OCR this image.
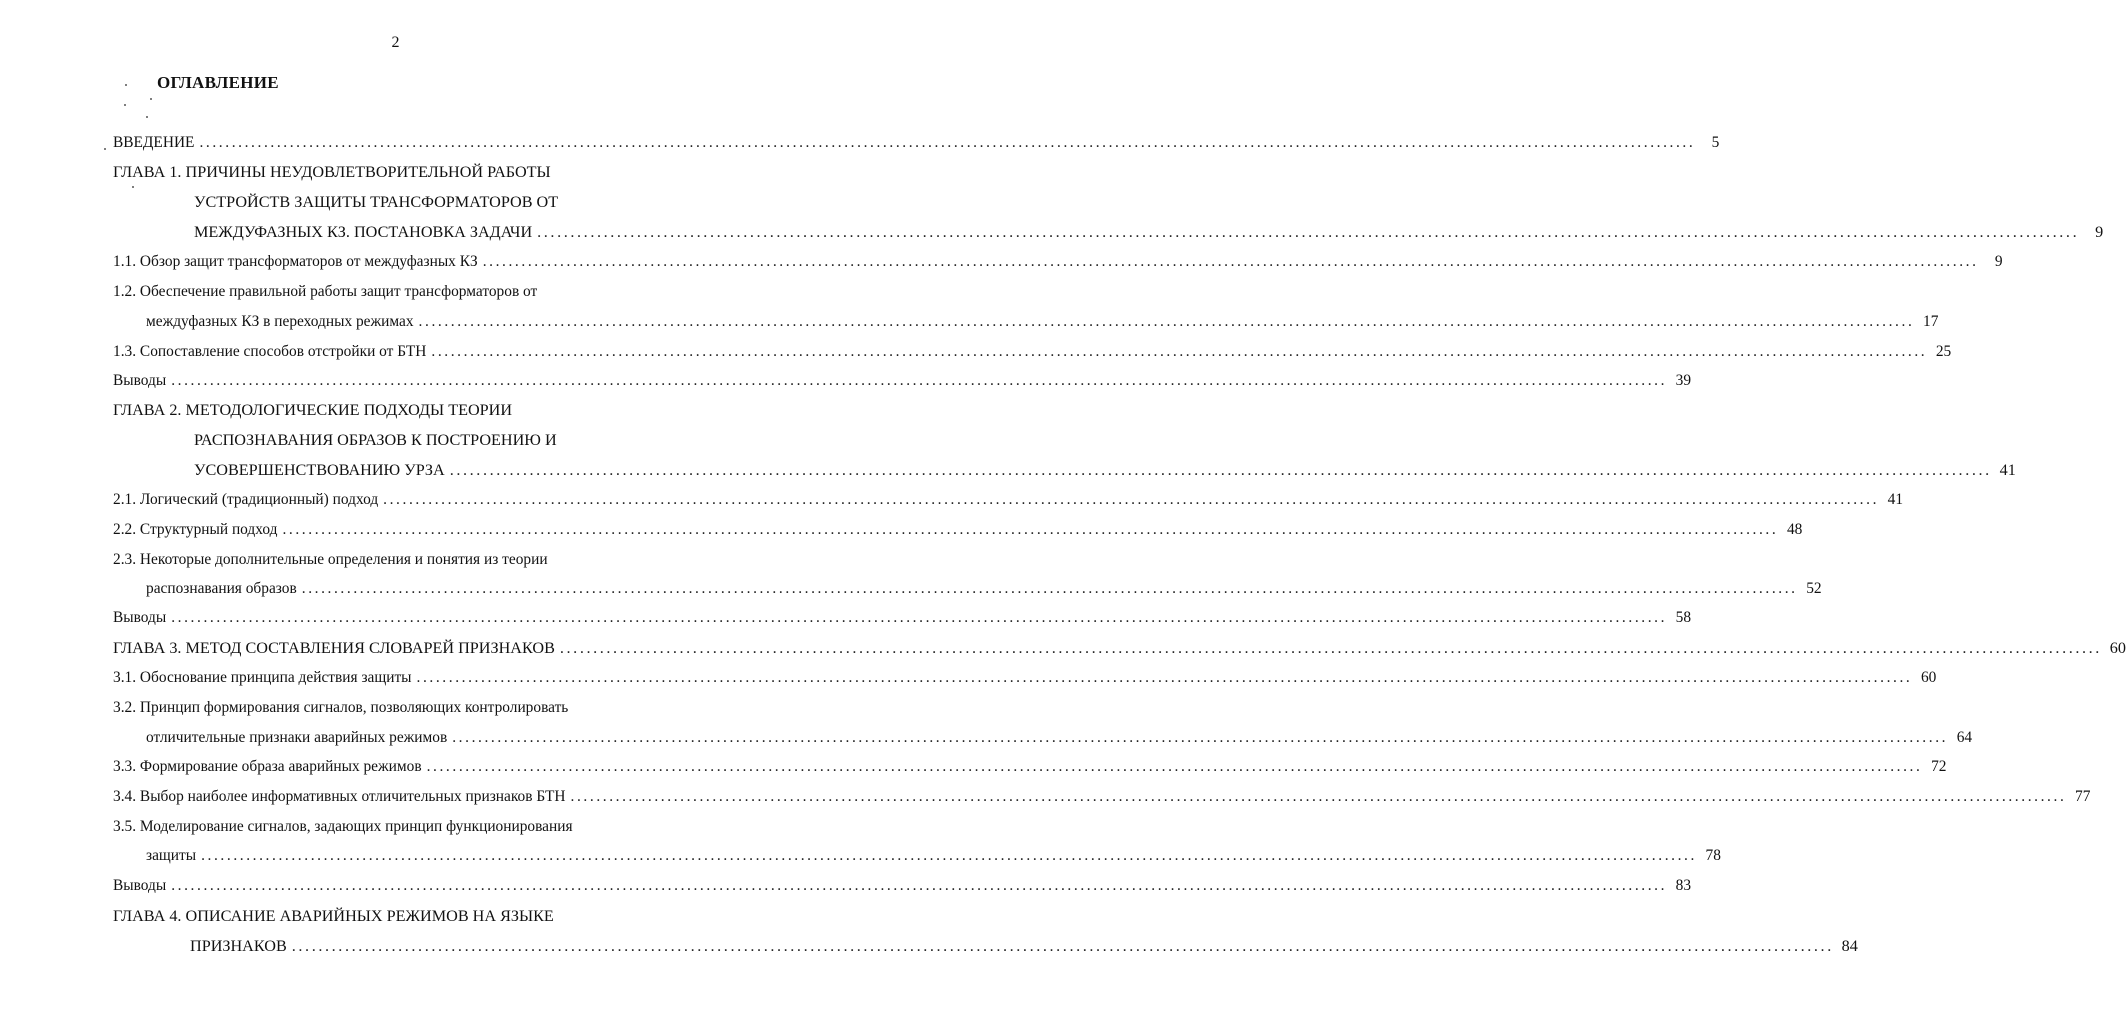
2
ОГЛАВЛЕНИЕ
ВВЕДЕНИЕ ........................................................................................................................................................................................................................................	5
ГЛАВА 1. ПРИЧИНЫ НЕУДОВЛЕТВОРИТЕЛЬНОЙ РАБОТЫ
УСТРОЙСТВ ЗАЩИТЫ ТРАНСФОРМАТОРОВ ОТ
МЕЖДУФАЗНЫХ КЗ. ПОСТАНОВКА ЗАДАЧИ ........................................................................................................................................................................................................................................ 9
1.1. Обзор защит трансформаторов от междуфазных КЗ ........................................................................................................................................................................................................................................	9
1.2. Обеспечение правильной работы защит трансформаторов от
междуфазных КЗ в переходных режимах ........................................................................................................................................................................................................................................ 17
1.3. Сопоставление способов отстройки от БТН ........................................................................................................................................................................................................................................ 25
Выводы ........................................................................................................................................................................................................................................ 39
ГЛАВА 2. МЕТОДОЛОГИЧЕСКИЕ ПОДХОДЫ ТЕОРИИ
РАСПОЗНАВАНИЯ ОБРАЗОВ К ПОСТРОЕНИЮ И
УСОВЕРШЕНСТВОВАНИЮ УРЗА ........................................................................................................................................................................................................................................ 41
2.1. Логический (традиционный) подход ........................................................................................................................................................................................................................................ 41
2.2. Структурный подход ........................................................................................................................................................................................................................................ 48
2.3. Некоторые дополнительные определения и понятия из теории
распознавания образов ........................................................................................................................................................................................................................................ 52
Выводы ........................................................................................................................................................................................................................................ 58
ГЛАВА 3. МЕТОД СОСТАВЛЕНИЯ СЛОВАРЕЙ ПРИЗНАКОВ ........................................................................................................................................................................................................................................ 60
3.1. Обоснование принципа действия защиты ........................................................................................................................................................................................................................................ 60
3.2. Принцип формирования сигналов, позволяющих контролировать
отличительные признаки аварийных режимов ........................................................................................................................................................................................................................................ 64
3.3. Формирование образа аварийных режимов ........................................................................................................................................................................................................................................ 72
3.4. Выбор наиболее информативных отличительных признаков БТН ........................................................................................................................................................................................................................................ 77
3.5. Моделирование сигналов, задающих принцип функционирования
защиты ........................................................................................................................................................................................................................................ 78
Выводы ........................................................................................................................................................................................................................................ 83
ГЛАВА 4. ОПИСАНИЕ АВАРИЙНЫХ РЕЖИМОВ НА ЯЗЫКЕ
ПРИЗНАКОВ ........................................................................................................................................................................................................................................ 84
